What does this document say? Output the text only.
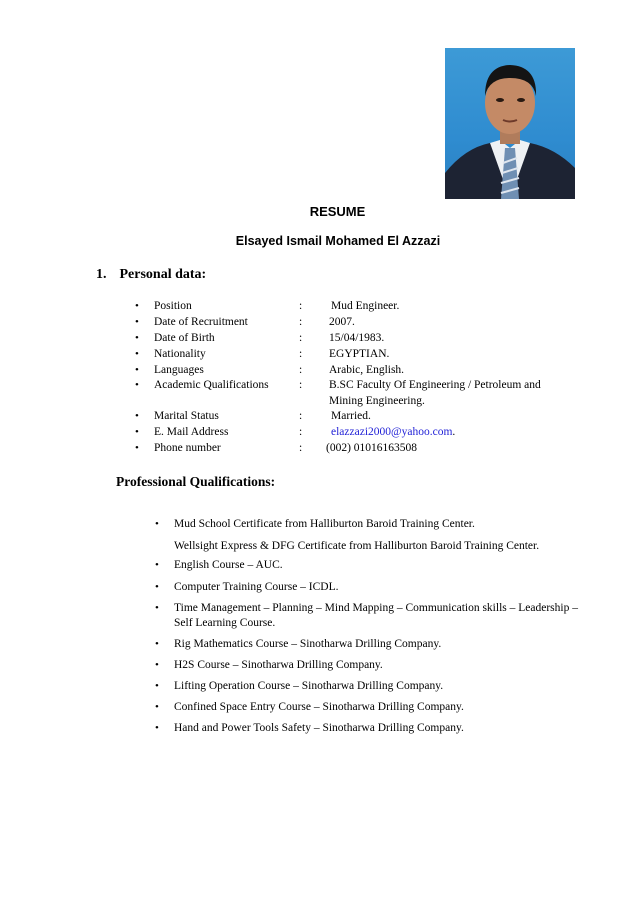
RESUME
Elsayed Ismail Mohamed El Azzazi
1. Personal data:
• Position	:	Mud Engineer.
• Date of Recruitment	: 2007.
• Date of Birth	: 15/04/1983.
• Nationality	: EGYPTIAN.
• Languages	: Arabic, English.
• Academic Qualifications	: B.SC Faculty Of Engineering / Petroleum and
Mining Engineering.
• Marital Status	:	Married.
• E. Mail Address	:	elazzazi2000@yahoo.com.
• Phone number	: (002) 01016163508
Professional Qualifications:
• Mud School Certificate from Halliburton Baroid Training Center.
Wellsight Express & DFG Certificate from Halliburton Baroid Training Center.
• English Course – AUC.
• Computer Training Course – ICDL.
• Time Management – Planning – Mind Mapping – Communication skills – Leadership –
Self Learning Course.
• Rig Mathematics Course – Sinotharwa Drilling Company.
• H2S Course – Sinotharwa Drilling Company.
• Lifting Operation Course – Sinotharwa Drilling Company.
• Confined Space Entry Course – Sinotharwa Drilling Company.
• Hand and Power Tools Safety – Sinotharwa Drilling Company.
